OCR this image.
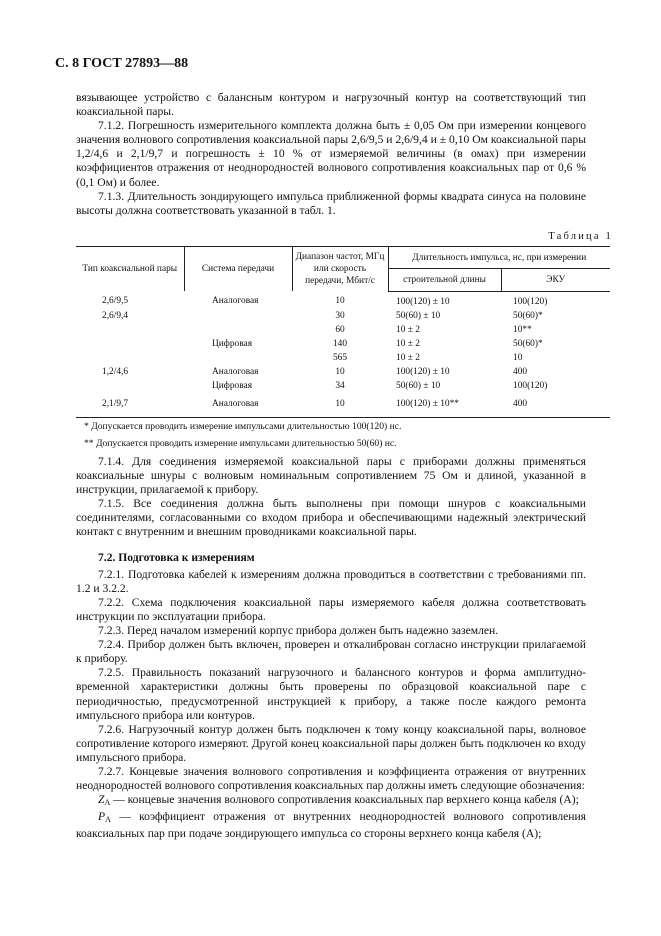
С. 8 ГОСТ 27893—88

вязывающее устройство с балансным контуром и нагрузочный контур на соответствующий тип коаксиальной пары.

7.1.2. Погрешность измерительного комплекта должна быть ± 0,05 Ом при измерении концевого значения волнового сопротивления коаксиальной пары 2,6/9,5 и 2,6/9,4 и ± 0,10 Ом коаксиальной пары 1,2/4,6 и 2,1/9,7 и погрешность ± 10 % от измеряемой величины (в омах) при измерении коэффициентов отражения от неоднородностей волнового сопротивления коаксиальных пар от 0,6 % (0,1 Ом) и более.

7.1.3. Длительность зондирующего импульса приближенной формы квадрата синуса на половине высоты должна соответствовать указанной в табл. 1.

Таблица 1
Тип коаксиальной пары	Система передачи	Диапазон частот, МГц или скорость передачи, Мбит/с	Длительность импульса, нс, при измерении	
			строительной длины	ЭКУ
2,6/9,5	Аналоговая	10	100(120) ± 10	100(120)
2,6/9,4		30	50(60) ± 10	50(60)*
		60	10 ± 2	10**
	Цифровая	140	10 ± 2	50(60)*
		565	10 ± 2	10
1,2/4,6	Аналоговая	10	100(120) ± 10	400
	Цифровая	34	50(60) ± 10	100(120)
2,1/9,7	Аналоговая	10	100(120) ± 10**	400
* Допускается проводить измерение импульсами длительностью 100(120) нс.
** Допускается проводить измерение импульсами длительностью 50(60) нс.

7.1.4. Для соединения измеряемой коаксиальной пары с приборами должны применяться коаксиальные шнуры с волновым номинальным сопротивлением 75 Ом и длиной, указанной в инструкции, прилагаемой к прибору.

7.1.5. Все соединения должна быть выполнены при помощи шнуров с коаксиальными соединителями, согласованными со входом прибора и обеспечивающими надежный электрический контакт с внутренним и внешним проводниками коаксиальной пары.

7.2. Подготовка к измерениям

7.2.1. Подготовка кабелей к измерениям должна проводиться в соответствии с требованиями пп. 1.2 и 3.2.2.

7.2.2. Схема подключения коаксиальной пары измеряемого кабеля должна соответствовать инструкции по эксплуатации прибора.

7.2.3. Перед началом измерений корпус прибора должен быть надежно заземлен.

7.2.4. Прибор должен быть включен, проверен и откалиброван согласно инструкции прилагаемой к прибору.

7.2.5. Правильность показаний нагрузочного и балансного контуров и форма амплитудно-временной характеристики должны быть проверены по образцовой коаксиальной паре с периодичностью, предусмотренной инструкцией к прибору, а также после каждого ремонта импульсного прибора или контуров.

7.2.6. Нагрузочный контур должен быть подключен к тому концу коаксиальной пары, волновое сопротивление которого измеряют. Другой конец коаксиальной пары должен быть подключен ко входу импульсного прибора.

7.2.7. Концевые значения волнового сопротивления и коэффициента отражения от внутренних неоднородностей волнового сопротивления коаксиальных пар должны иметь следующие обозначения:

$Z_A$ — концевые значения волнового сопротивления коаксиальных пар верхнего конца кабеля (А);

$P_A$ — коэффициент отражения от внутренних неоднородностей волнового сопротивления коаксиальных пар при подаче зондирующего импульса со стороны верхнего конца кабеля (А);
